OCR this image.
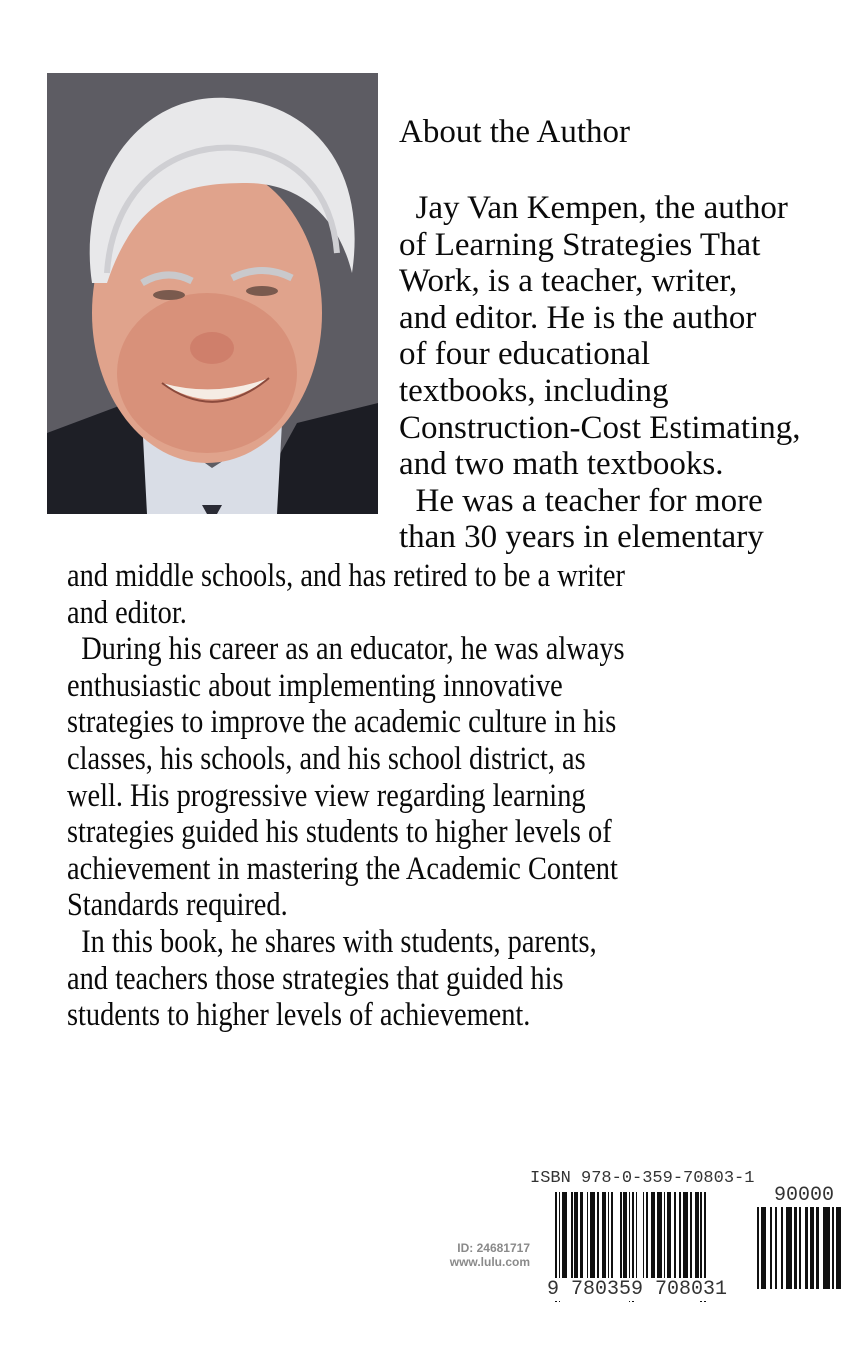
About the Author
Jay Van Kempen, the author
of Learning Strategies That
Work, is a teacher, writer,
and editor. He is the author
of four educational
textbooks, including
Construction-Cost Estimating,
and two math textbooks.
He was a teacher for more
than 30 years in elementary
and middle schools, and has retired to be a writer
and editor.
During his career as an educator, he was always
enthusiastic about implementing innovative
strategies to improve the academic culture in his
classes, his schools, and his school district, as
well. His progressive view regarding learning
strategies guided his students to higher levels of
achievement in mastering the Academic Content
Standards required.
In this book, he shares with students, parents,
and teachers those strategies that guided his
students to higher levels of achievement.
ID: 24681717
www.lulu.com
ISBN 978-0-359-70803-1
9 780359 708031
90000
